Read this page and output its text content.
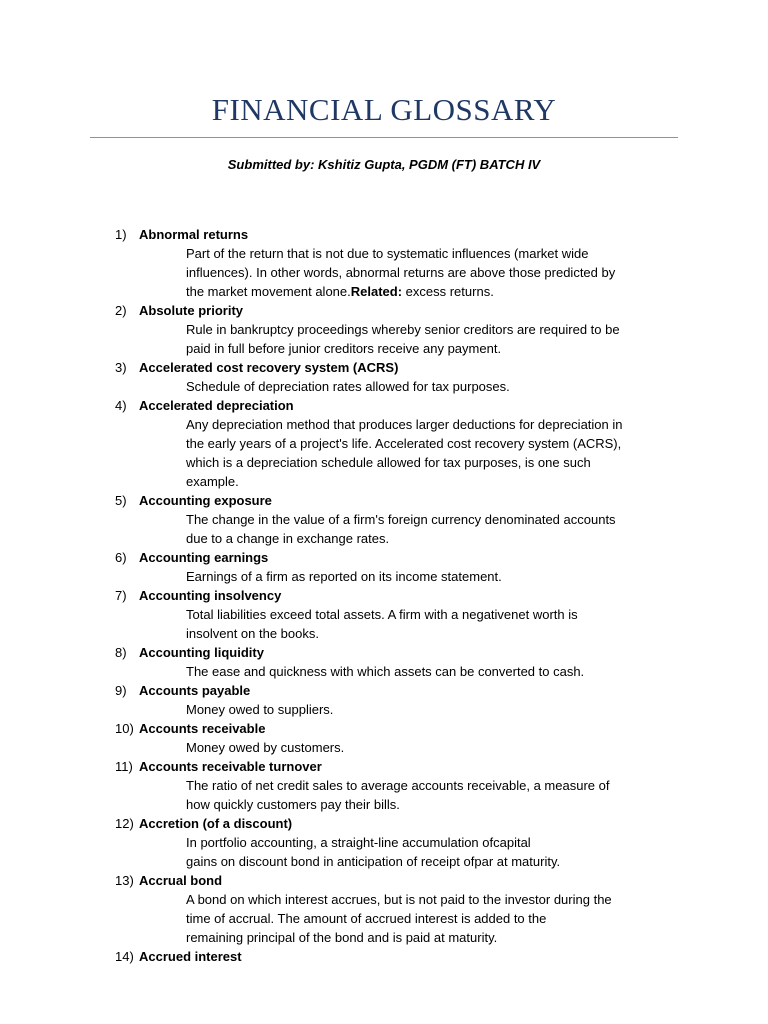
FINANCIAL GLOSSARY
Submitted by: Kshitiz Gupta, PGDM (FT) BATCH IV
1) Abnormal returns
Part of the return that is not due to systematic influences (market wide
influences). In other words, abnormal returns are above those predicted by
the market movement alone.Related: excess returns.
2) Absolute priority
Rule in bankruptcy proceedings whereby senior creditors are required to be
paid in full before junior creditors receive any payment.
3) Accelerated cost recovery system (ACRS)
Schedule of depreciation rates allowed for tax purposes.
4) Accelerated depreciation
Any depreciation method that produces larger deductions for depreciation in
the early years of a project's life. Accelerated cost recovery system (ACRS),
which is a depreciation schedule allowed for tax purposes, is one such
example.
5) Accounting exposure
The change in the value of a firm's foreign currency denominated accounts
due to a change in exchange rates.
6) Accounting earnings
Earnings of a firm as reported on its income statement.
7) Accounting insolvency
Total liabilities exceed total assets. A firm with a negativenet worth is
insolvent on the books.
8) Accounting liquidity
The ease and quickness with which assets can be converted to cash.
9) Accounts payable
Money owed to suppliers.
10) Accounts receivable
Money owed by customers.
11) Accounts receivable turnover
The ratio of net credit sales to average accounts receivable, a measure of
how quickly customers pay their bills.
12) Accretion (of a discount)
In portfolio accounting, a straight-line accumulation ofcapital
gains on discount bond in anticipation of receipt ofpar at maturity.
13) Accrual bond
A bond on which interest accrues, but is not paid to the investor during the
time of accrual. The amount of accrued interest is added to the
remaining principal of the bond and is paid at maturity.
14) Accrued interest
